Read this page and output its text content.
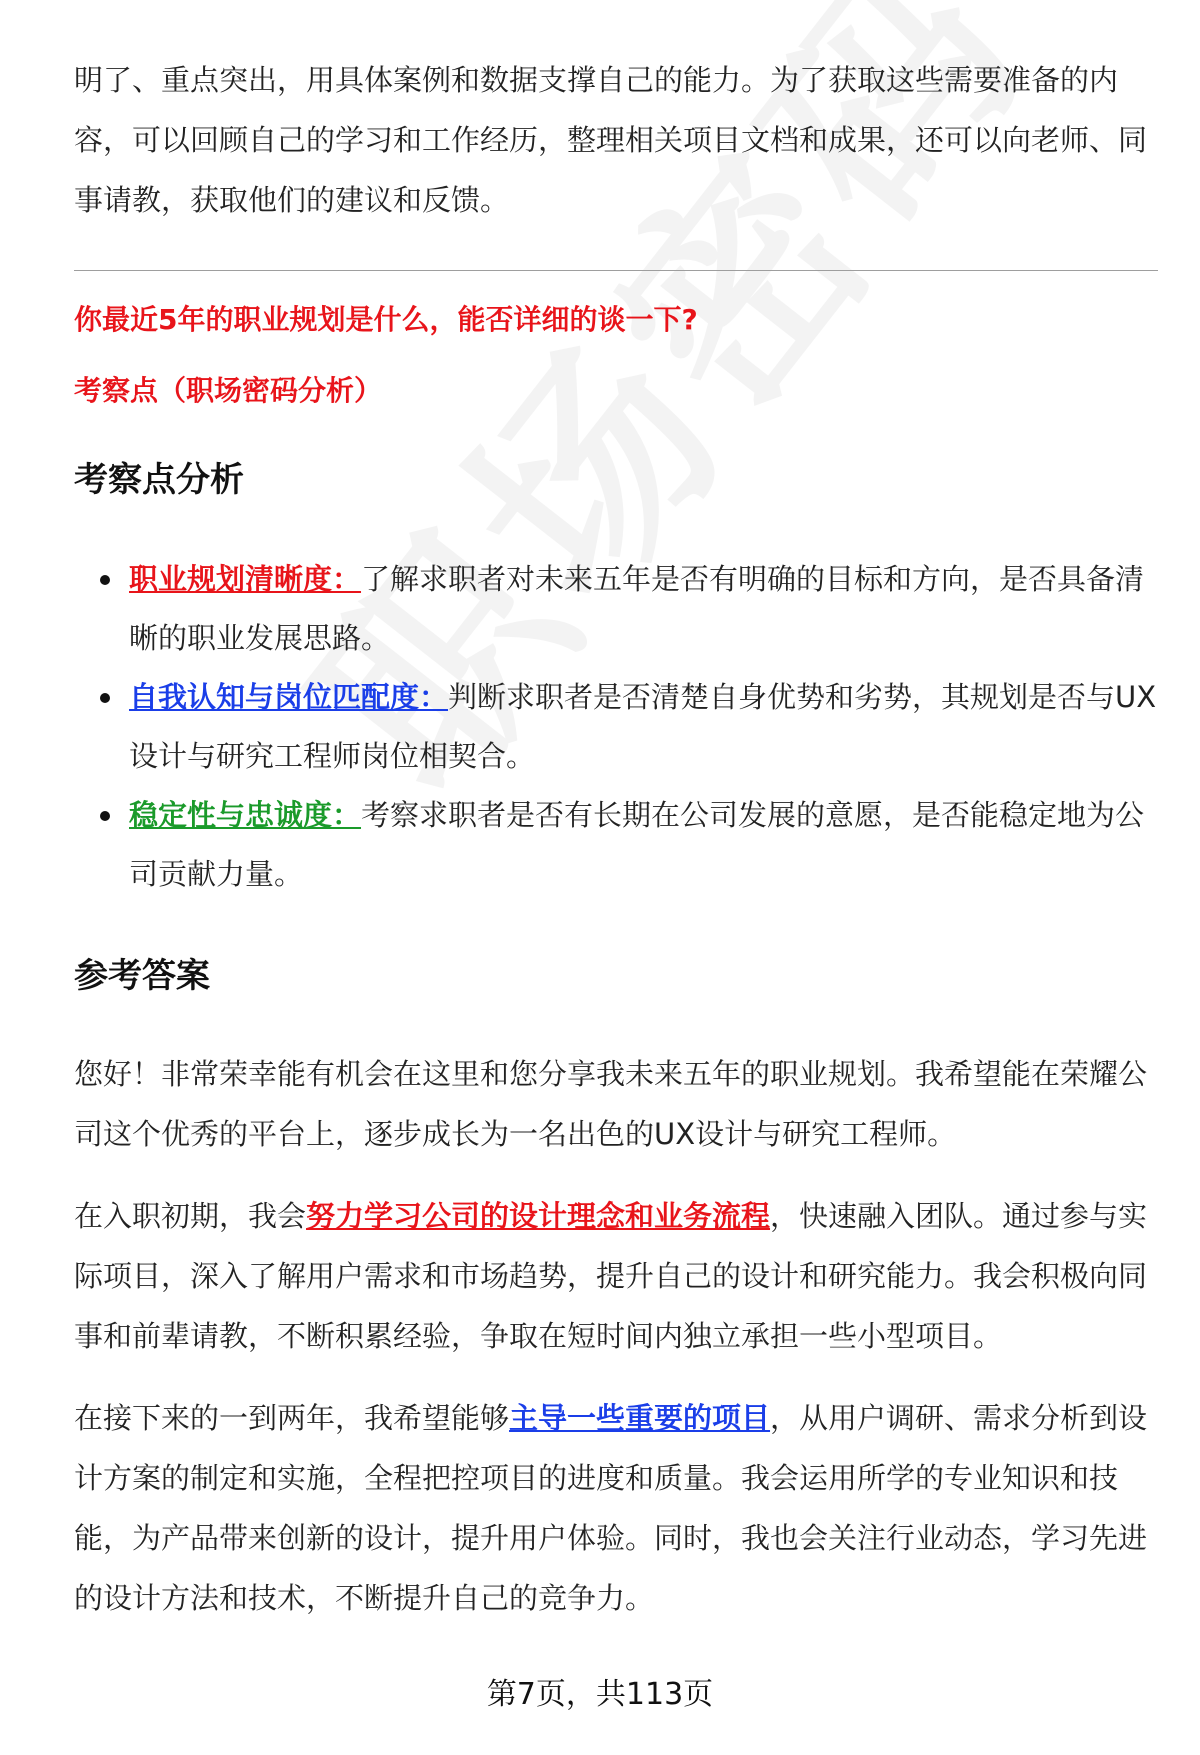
明了、重点突出，用具体案例和数据支撑自己的能力。为了获取这些需要准备的内容，可以回顾自己的学习和工作经历，整理相关项目文档和成果，还可以向老师、同事请教，获取他们的建议和反馈。

你最近5年的职业规划是什么，能否详细的谈一下?

考察点（职场密码分析）

考察点分析
职业规划清晰度：了解求职者对未来五年是否有明确的目标和方向，是否具备清晰的职业发展思路。
自我认知与岗位匹配度：判断求职者是否清楚自身优势和劣势，其规划是否与UX设计与研究工程师岗位相契合。
稳定性与忠诚度：考察求职者是否有长期在公司发展的意愿，是否能稳定地为公司贡献力量。
参考答案

您好！非常荣幸能有机会在这里和您分享我未来五年的职业规划。我希望能在荣耀公司这个优秀的平台上，逐步成长为一名出色的UX设计与研究工程师。

在入职初期，我会努力学习公司的设计理念和业务流程，快速融入团队。通过参与实际项目，深入了解用户需求和市场趋势，提升自己的设计和研究能力。我会积极向同事和前辈请教，不断积累经验，争取在短时间内独立承担一些小型项目。

在接下来的一到两年，我希望能够主导一些重要的项目，从用户调研、需求分析到设计方案的制定和实施，全程把控项目的进度和质量。我会运用所学的专业知识和技能，为产品带来创新的设计，提升用户体验。同时，我也会关注行业动态，学习先进的设计方法和技术，不断提升自己的竞争力。

第7页，共113页
